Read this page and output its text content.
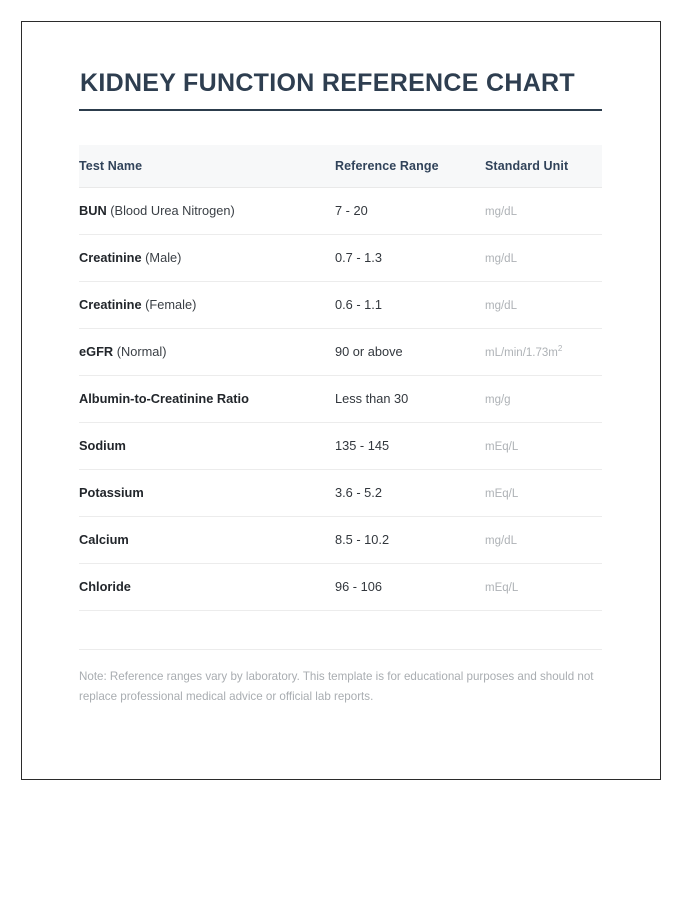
KIDNEY FUNCTION REFERENCE CHART
Test Name	Reference Range	Standard Unit
BUN (Blood Urea Nitrogen)	7 - 20	mg/dL
Creatinine (Male)	0.7 - 1.3	mg/dL
Creatinine (Female)	0.6 - 1.1	mg/dL
eGFR (Normal)	90 or above	$mL/\min/1.73m^2$
Albumin-to-Creatinine Ratio	Less than 30	mg/g
Sodium	135 - 145	mEq/L
Potassium	3.6 - 5.2	mEq/L
Calcium	8.5 - 10.2	mg/dL
Chloride	96 - 106	mEq/L
Note: Reference ranges vary by laboratory. This template is for educational purposes and should not replace professional medical advice or official lab reports.
